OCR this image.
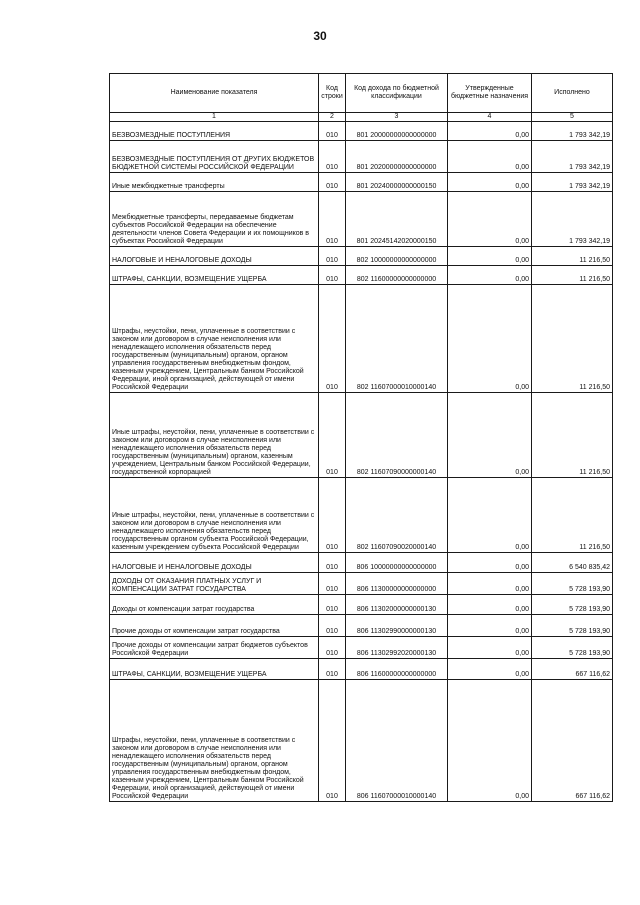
30
Наименование показателя	Код строки	Код дохода по бюджетной классификации	Утвержденные бюджетные назначения	Исполнено
1	2	3	4	5
БЕЗВОЗМЕЗДНЫЕ ПОСТУПЛЕНИЯ	010	801 20000000000000000	0,00	1 793 342,19
БЕЗВОЗМЕЗДНЫЕ ПОСТУПЛЕНИЯ ОТ ДРУГИХ БЮДЖЕТОВ БЮДЖЕТНОЙ СИСТЕМЫ РОССИЙСКОЙ ФЕДЕРАЦИИ	010	801 20200000000000000	0,00	1 793 342,19
Иные межбюджетные трансферты	010	801 20240000000000150	0,00	1 793 342,19
Межбюджетные трансферты, передаваемые бюджетам субъектов Российской Федерации на обеспечение деятельности членов Совета Федерации и их помощников в субъектах Российской Федерации	010	801 20245142020000150	0,00	1 793 342,19
НАЛОГОВЫЕ И НЕНАЛОГОВЫЕ ДОХОДЫ	010	802 10000000000000000	0,00	11 216,50
ШТРАФЫ, САНКЦИИ, ВОЗМЕЩЕНИЕ УЩЕРБА	010	802 11600000000000000	0,00	11 216,50
Штрафы, неустойки, пени, уплаченные в соответствии с законом или договором в случае неисполнения или ненадлежащего исполнения обязательств перед государственным (муниципальным) органом, органом управления государственным внебюджетным фондом, казенным учреждением, Центральным банком Российской Федерации, иной организацией, действующей от имени Российской Федерации	010	802 11607000010000140	0,00	11 216,50
Иные штрафы, неустойки, пени, уплаченные в соответствии с законом или договором в случае неисполнения или ненадлежащего исполнения обязательств перед государственным (муниципальным) органом, казенным учреждением, Центральным банком Российской Федерации, государственной корпорацией	010	802 11607090000000140	0,00	11 216,50
Иные штрафы, неустойки, пени, уплаченные в соответствии с законом или договором в случае неисполнения или ненадлежащего исполнения обязательств перед государственным органом субъекта Российской Федерации, казенным учреждением субъекта Российской Федерации	010	802 11607090020000140	0,00	11 216,50
НАЛОГОВЫЕ И НЕНАЛОГОВЫЕ ДОХОДЫ	010	806 10000000000000000	0,00	6 540 835,42
ДОХОДЫ ОТ ОКАЗАНИЯ ПЛАТНЫХ УСЛУГ И КОМПЕНСАЦИИ ЗАТРАТ ГОСУДАРСТВА	010	806 11300000000000000	0,00	5 728 193,90
Доходы от компенсации затрат государства	010	806 11302000000000130	0,00	5 728 193,90
Прочие доходы от компенсации затрат государства	010	806 11302990000000130	0,00	5 728 193,90
Прочие доходы от компенсации затрат бюджетов субъектов Российской Федерации	010	806 11302992020000130	0,00	5 728 193,90
ШТРАФЫ, САНКЦИИ, ВОЗМЕЩЕНИЕ УЩЕРБА	010	806 11600000000000000	0,00	667 116,62
Штрафы, неустойки, пени, уплаченные в соответствии с законом или договором в случае неисполнения или ненадлежащего исполнения обязательств перед государственным (муниципальным) органом, органом управления государственным внебюджетным фондом, казенным учреждением, Центральным банком Российской Федерации, иной организацией, действующей от имени Российской Федерации	010	806 11607000010000140	0,00	667 116,62
